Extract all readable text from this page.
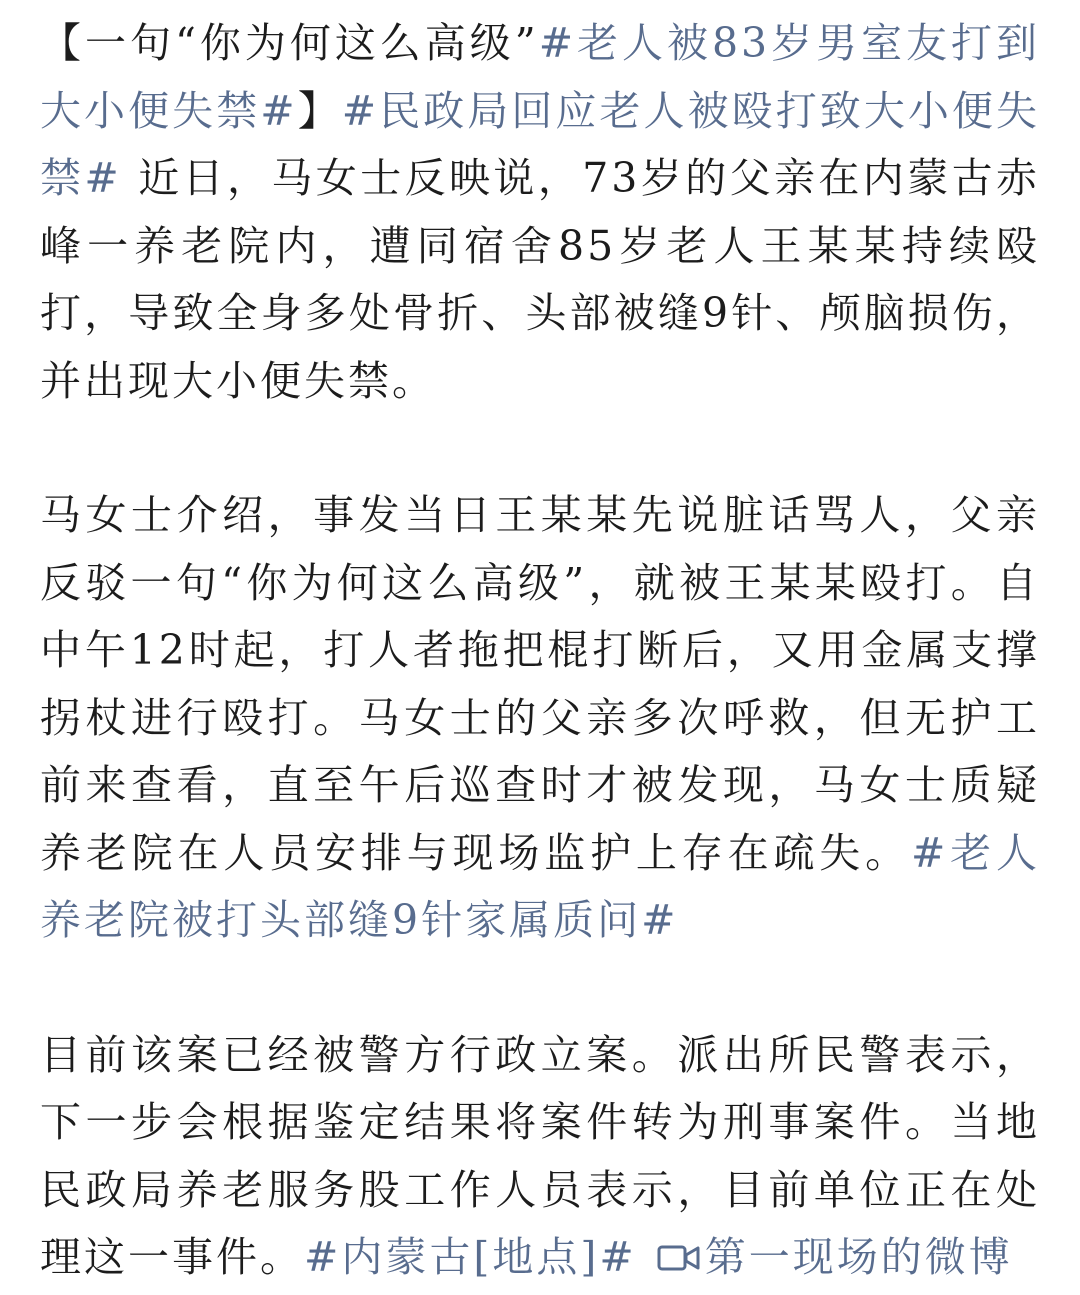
【一句“你为何这么高级”#老人被83岁男室友打到大小便失禁#】#民政局回应老人被殴打致大小便失禁# 近日，马女士反映说，73岁的父亲在内蒙古赤峰一养老院内，遭同宿舍85岁老人王某某持续殴打，导致全身多处骨折、头部被缝9针、颅脑损伤，并出现大小便失禁。

马女士介绍，事发当日王某某先说脏话骂人，父亲反驳一句“你为何这么高级”，就被王某某殴打。自中午12时起，打人者拖把棍打断后，又用金属支撑拐杖进行殴打。马女士的父亲多次呼救，但无护工前来查看，直至午后巡查时才被发现，马女士质疑养老院在人员安排与现场监护上存在疏失。#老人养老院被打头部缝9针家属质问#

目前该案已经被警方行政立案。派出所民警表示，下一步会根据鉴定结果将案件转为刑事案件。当地民政局养老服务股工作人员表示，目前单位正在处理这一事件。#内蒙古[地点]# 第一现场的微博
